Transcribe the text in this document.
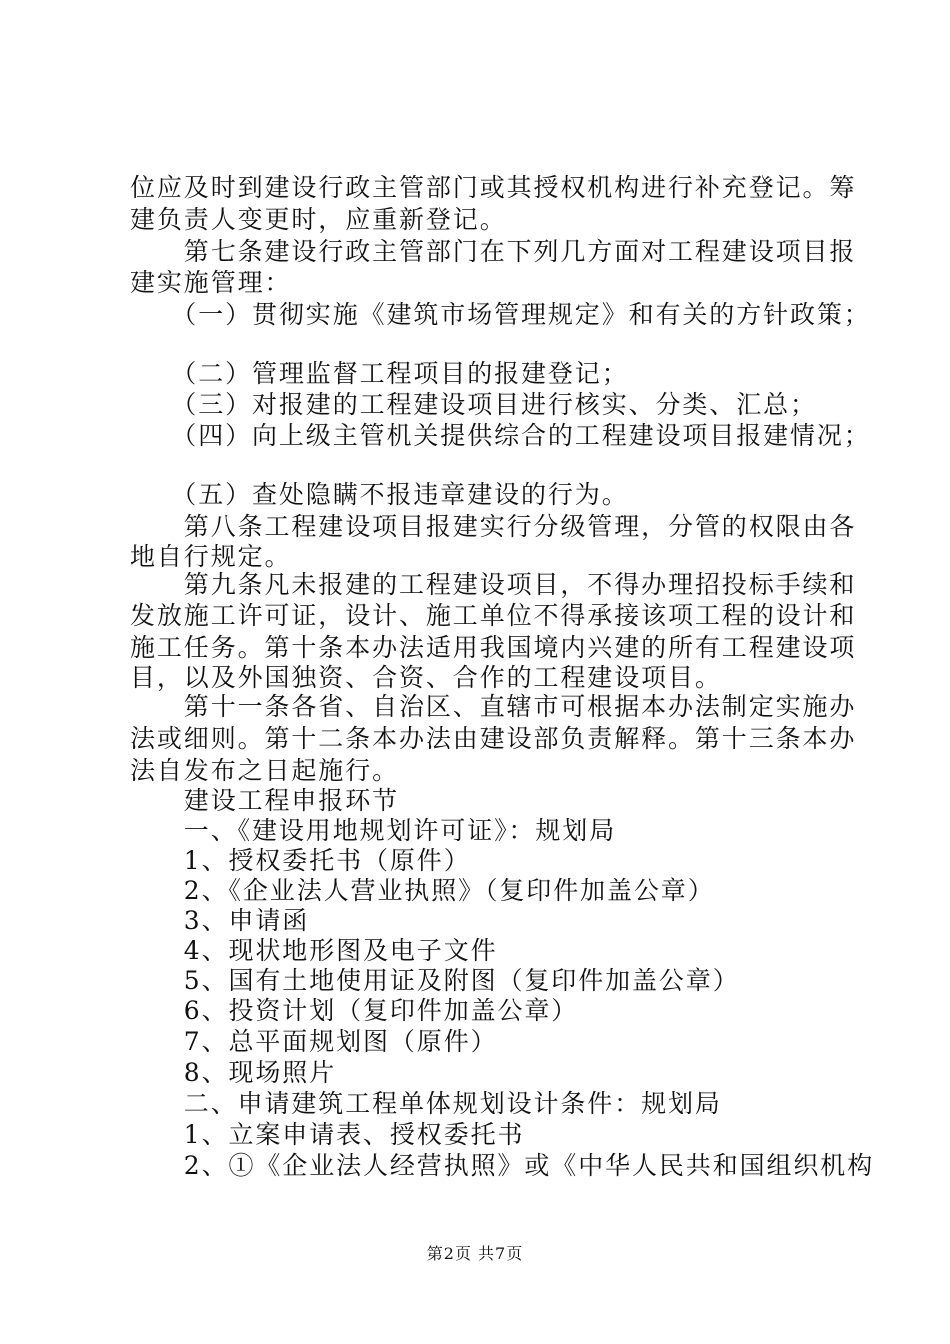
位应及时到建设行政主管部门或其授权机构进行补充登记。筹
建负责人变更时，应重新登记。
　　第七条建设行政主管部门在下列几方面对工程建设项目报
建实施管理：
　　（一）贯彻实施《建筑市场管理规定》和有关的方针政策；
　　（二）管理监督工程项目的报建登记；
　　（三）对报建的工程建设项目进行核实、分类、汇总；
　　（四）向上级主管机关提供综合的工程建设项目报建情况；
　　（五）查处隐瞒不报违章建设的行为。
　　第八条工程建设项目报建实行分级管理，分管的权限由各
地自行规定。
　　第九条凡未报建的工程建设项目，不得办理招投标手续和
发放施工许可证，设计、施工单位不得承接该项工程的设计和
施工任务。第十条本办法适用我国境内兴建的所有工程建设项
目，以及外国独资、合资、合作的工程建设项目。
　　第十一条各省、自治区、直辖市可根据本办法制定实施办
法或细则。第十二条本办法由建设部负责解释。第十三条本办
法自发布之日起施行。
　　建设工程申报环节
　　一、《建设用地规划许可证》：规划局
　　1、授权委托书（原件）
　　2、《企业法人营业执照》（复印件加盖公章）
　　3、申请函
　　4、现状地形图及电子文件
　　5、国有土地使用证及附图（复印件加盖公章）
　　6、投资计划（复印件加盖公章）
　　7、总平面规划图（原件）
　　8、现场照片
　　二、申请建筑工程单体规划设计条件：规划局
　　1、立案申请表、授权委托书
　　2、①《企业法人经营执照》或《中华人民共和国组织机构
第2页 共7页
